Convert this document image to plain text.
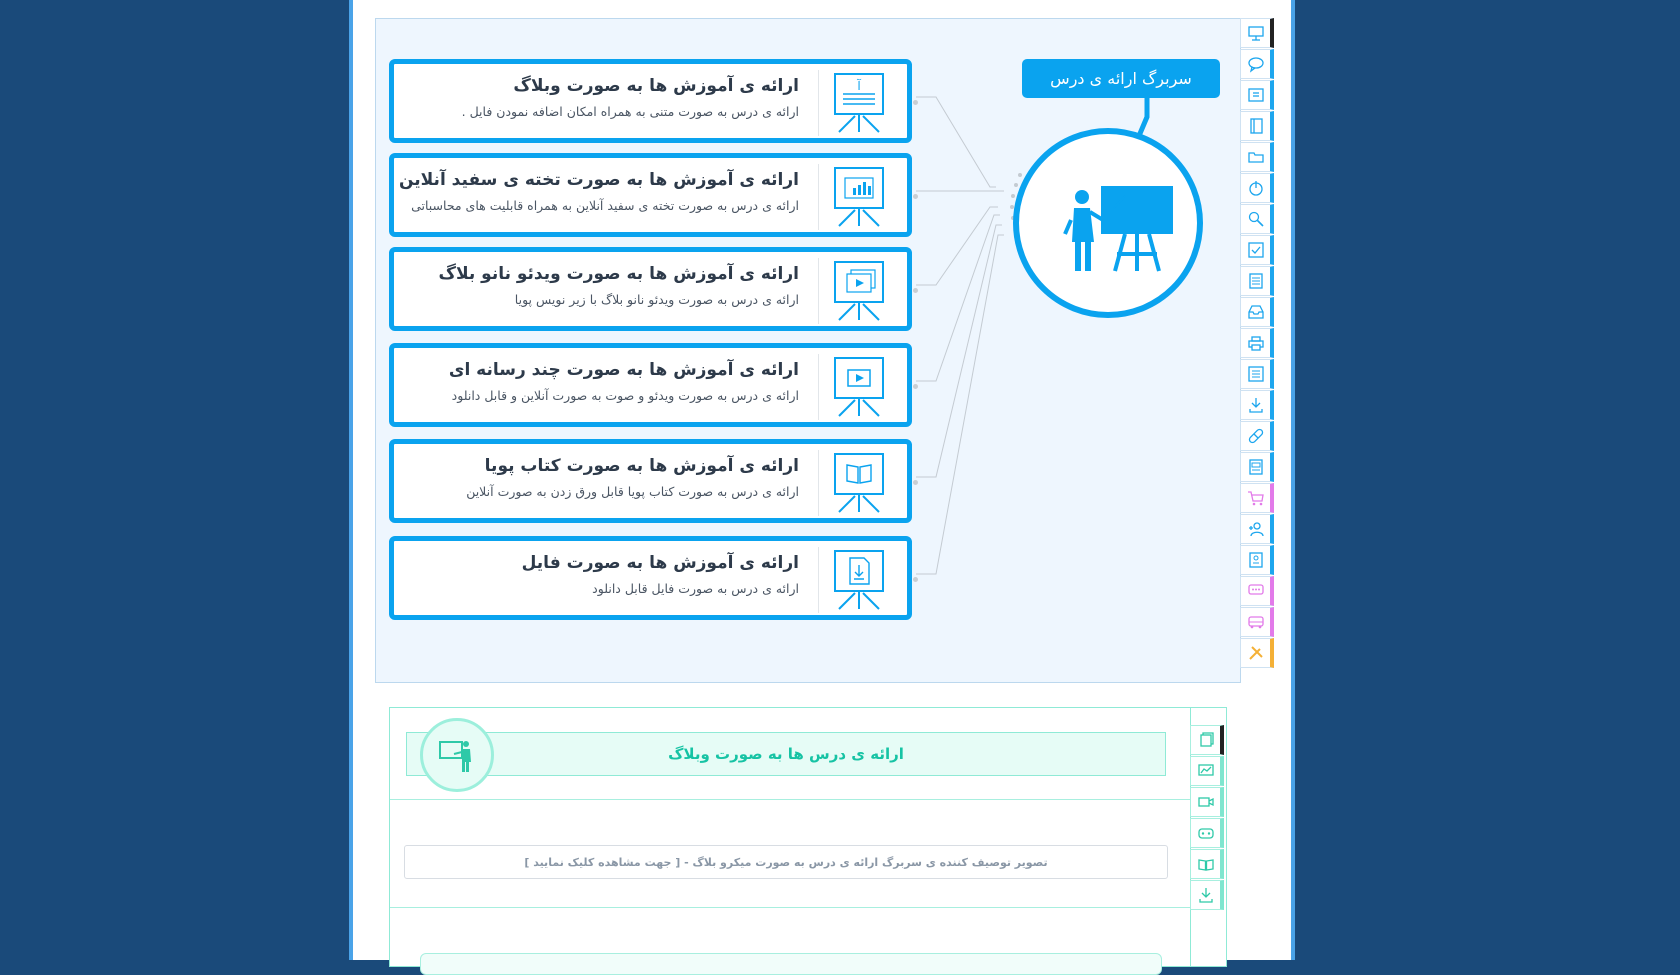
سربرگ ارائه ی درس
ارائه ی آموزش ها به صورت وبلاگ
ارائه ی درس به صورت متنی به همراه امکان اضافه نمودن فایل .
آ
ارائه ی آموزش ها به صورت تخته ی سفید آنلاین
ارائه ی درس به صورت تخته ی سفید آنلاین به همراه قابلیت های محاسباتی
ارائه ی آموزش ها به صورت ویدئو نانو بلاگ
ارائه ی درس به صورت ویدئو نانو بلاگ با زیر نویس پویا
ارائه ی آموزش ها به صورت چند رسانه ای
ارائه ی درس به صورت ویدئو و صوت به صورت آنلاین و قابل دانلود
ارائه ی آموزش ها به صورت کتاب پویا
ارائه ی درس به صورت کتاب پویا قابل ورق زدن به صورت آنلاین
ارائه ی آموزش ها به صورت فایل
ارائه ی درس به صورت فایل قابل دانلود
ارائه ی درس ها به صورت وبلاگ
تصویر توصیف کننده ی سربرگ ارائه ی درس به صورت میکرو بلاگ - [ جهت مشاهده کلیک نمایید ]
